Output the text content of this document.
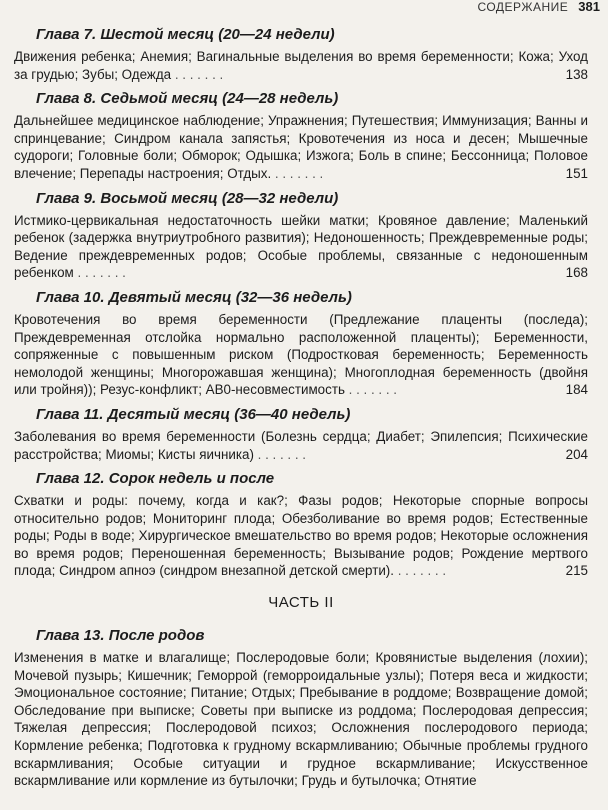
СОДЕРЖАНИЕ 381
Глава 7. Шестой месяц (20—24 недели)
Движения ребенка; Анемия; Вагинальные выделения во время беременности; Кожа; Уход за грудью; Зубы; Одежда . . . . . . .	138
Глава 8. Седьмой месяц (24—28 недель)
Дальнейшее медицинское наблюдение; Упражнения; Путешествия; Иммунизация; Ванны и спринцевание; Синдром канала запястья; Кровотечения из носа и десен; Мышечные судороги; Головные боли; Обморок; Одышка; Изжога; Боль в спине; Бессонница; Половое влечение; Перепады настроения; Отдых. . . . . . . .	151
Глава 9. Восьмой месяц (28—32 недели)
Истмико-цервикальная недостаточность шейки матки; Кровяное давление; Маленький ребенок (задержка внутриутробного развития); Недоношенность; Преждевременные роды; Ведение преждевременных родов; Особые проблемы, связанные с недоношенным ребенком . . . . . . .	168
Глава 10. Девятый месяц (32—36 недель)
Кровотечения во время беременности (Предлежание плаценты (последа); Преждевременная отслойка нормально расположенной плаценты); Беременности, сопряженные с повышенным риском (Подростковая беременность; Беременность немолодой женщины; Многорожавшая женщина); Многоплодная беременность (двойня или тройня)); Резус-конфликт; АВ0-несовместимость . . . . . . .	184
Глава 11. Десятый месяц (36—40 недель)
Заболевания во время беременности (Болезнь сердца; Диабет; Эпилепсия; Психические расстройства; Миомы; Кисты яичника) . . . . . . .	204
Глава 12. Сорок недель и после
Схватки и роды: почему, когда и как?; Фазы родов; Некоторые спорные вопросы относительно родов; Мониторинг плода; Обезболивание во время родов; Естественные роды; Роды в воде; Хирургическое вмешательство во время родов; Некоторые осложнения во время родов; Переношенная беременность; Вызывание родов; Рождение мертвого плода; Синдром апноэ (синдром внезапной детской смерти). . . . . . . .	215
ЧАСТЬ II
Глава 13. После родов
Изменения в матке и влагалище; Послеродовые боли; Кровянистые выделения (лохии); Мочевой пузырь; Кишечник; Геморрой (геморроидальные узлы); Потеря веса и жидкости; Эмоциональное состояние; Питание; Отдых; Пребывание в роддоме; Возвращение домой; Обследование при выписке; Советы при выписке из роддома; Послеродовая депрессия; Тяжелая депрессия; Послеродовой психоз; Осложнения послеродового периода; Кормление ребенка; Подготовка к грудному вскармливанию; Обычные проблемы грудного вскармливания; Особые ситуации и грудное вскармливание; Искусственное вскармливание или кормление из бутылочки; Грудь и бутылочка; Отнятие
